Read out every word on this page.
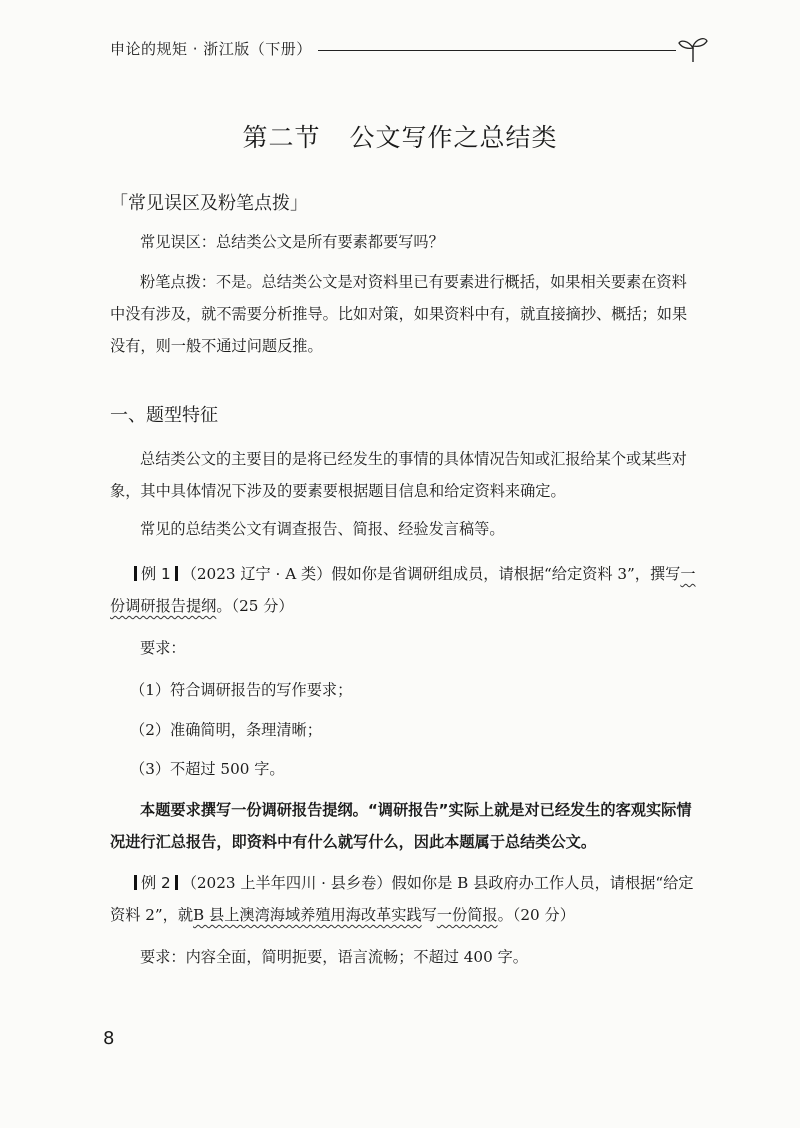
申论的规矩 · 浙江版（下册）
第二节 公文写作之总结类
「常见误区及粉笔点拨」
常见误区：总结类公文是所有要素都要写吗？
粉笔点拨：不是。总结类公文是对资料里已有要素进行概括，如果相关要素在资料中没有涉及，就不需要分析推导。比如对策，如果资料中有，就直接摘抄、概括；如果没有，则一般不通过问题反推。
一、题型特征
总结类公文的主要目的是将已经发生的事情的具体情况告知或汇报给某个或某些对象，其中具体情况下涉及的要素要根据题目信息和给定资料来确定。
常见的总结类公文有调查报告、简报、经验发言稿等。
例 1 （2023 辽宁 · A 类）假如你是省调研组成员，请根据“给定资料 3”，撰写一份调研报告提纲。（25 分）
要求：
（1）符合调研报告的写作要求；
（2）准确简明，条理清晰；
（3）不超过 500 字。
本题要求撰写一份调研报告提纲。“调研报告”实际上就是对已经发生的客观实际情况进行汇总报告，即资料中有什么就写什么，因此本题属于总结类公文。
例 2 （2023 上半年四川 · 县乡卷）假如你是 B 县政府办工作人员，请根据“给定资料 2”，就B 县上澳湾海域养殖用海改革实践写一份简报。（20 分）
要求：内容全面，简明扼要，语言流畅；不超过 400 字。
8
